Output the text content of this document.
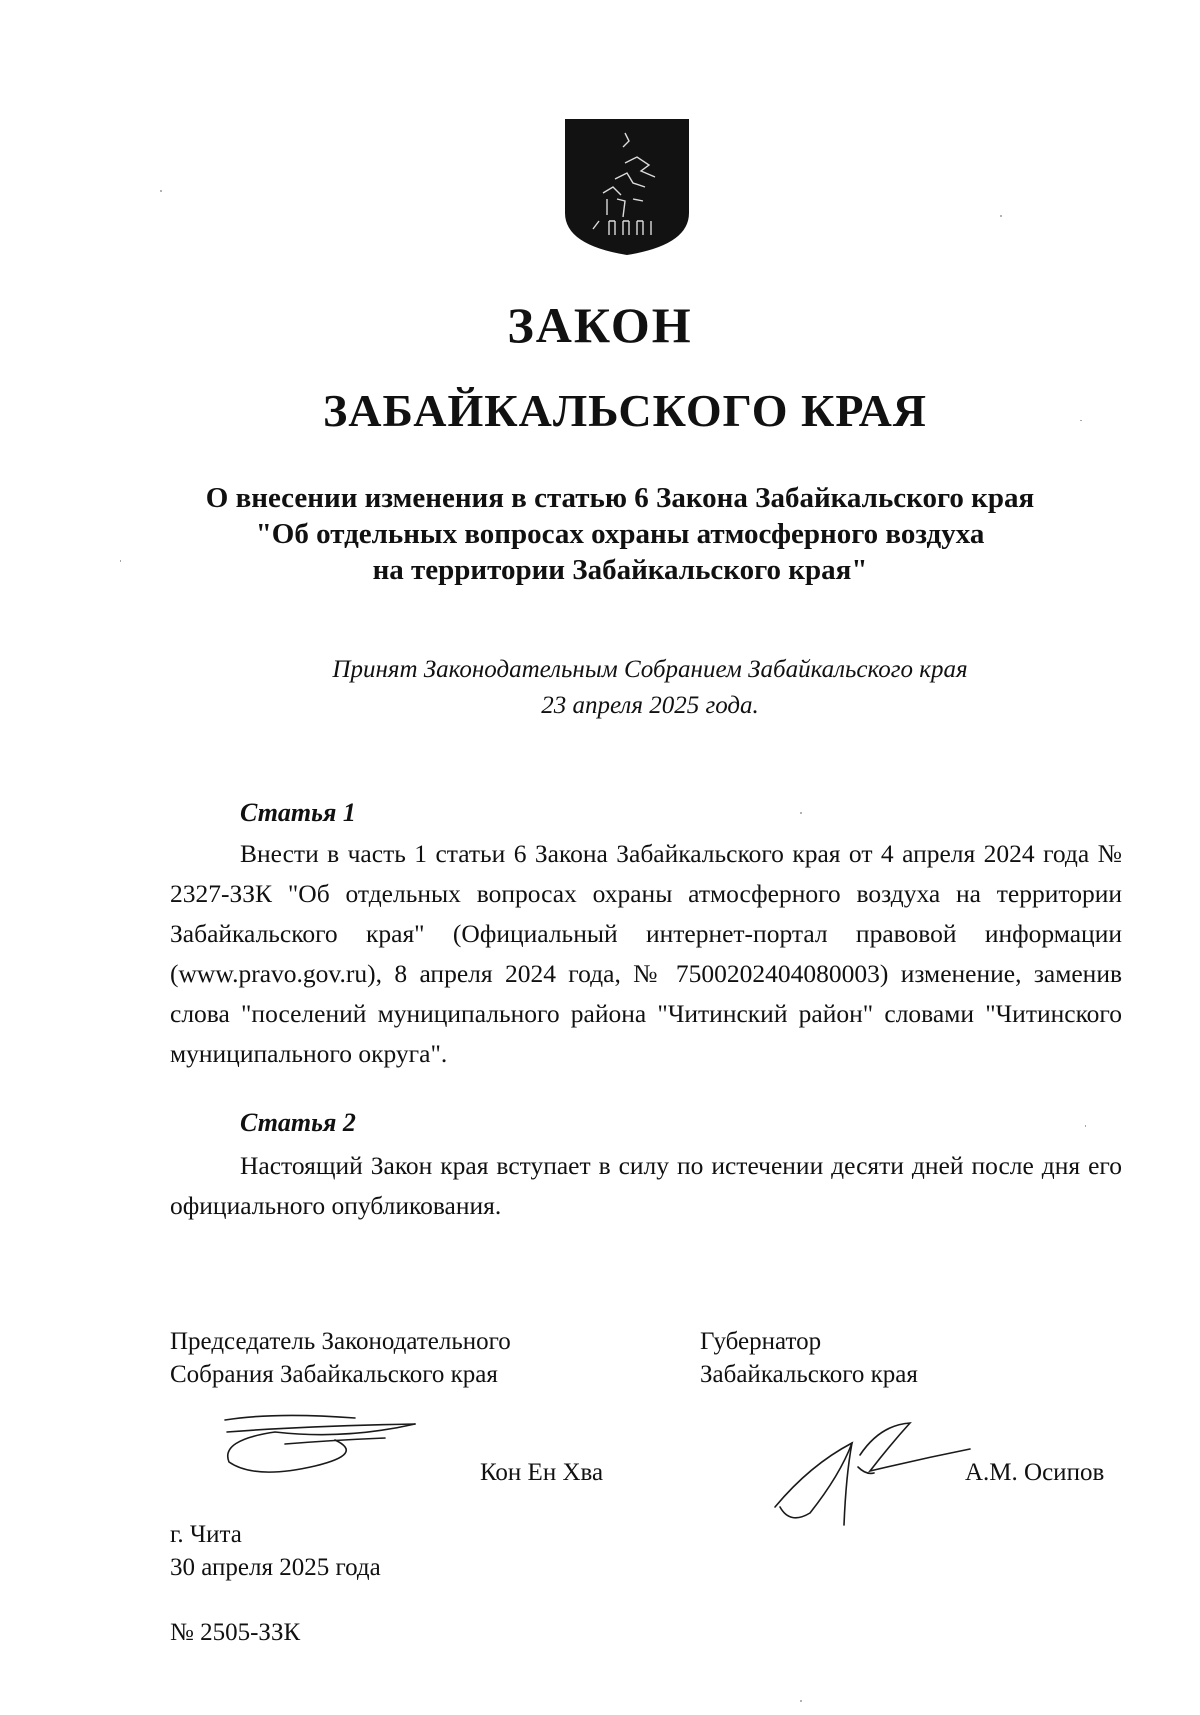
ЗАКОН
ЗАБАЙКАЛЬСКОГО КРАЯ
О внесении изменения в статью 6 Закона Забайкальского края
"Об отдельных вопросах охраны атмосферного воздуха
на территории Забайкальского края"
Принят Законодательным Собранием Забайкальского края
23 апреля 2025 года.
Статья 1
Внести в часть 1 статьи 6 Закона Забайкальского края от 4 апреля 2024 года № 2327-ЗЗК "Об отдельных вопросах охраны атмосферного воздуха на территории Забайкальского края" (Официальный интернет-портал правовой информации (www.pravo.gov.ru), 8 апреля 2024 года, № 7500202404080003) изменение, заменив слова "поселений муниципального района "Читинский район" словами "Читинского муниципального округа".
Статья 2
Настоящий Закон края вступает в силу по истечении десяти дней после дня его официального опубликования.
Председатель Законодательного
Собрания Забайкальского края
Губернатор
Забайкальского края
Кон Ен Хва	А.М. Осипов
г. Чита
30 апреля 2025 года
№ 2505-ЗЗК
